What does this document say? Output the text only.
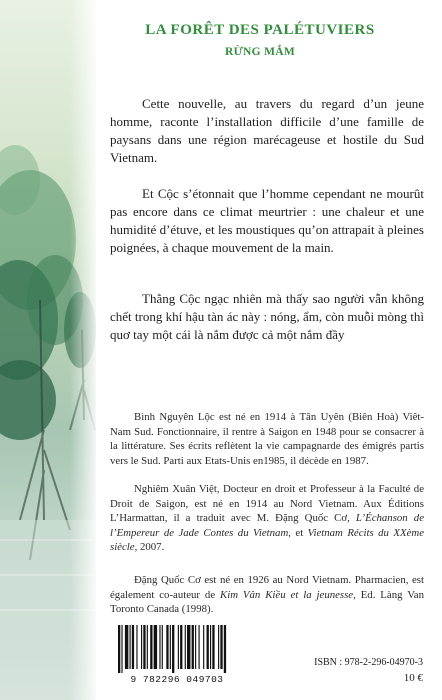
LA FORÊT DES PALÉTUVIERS
RỪNG MẮM

Cette nouvelle, au travers du regard d’un jeune homme, raconte l’installation difficile d’une famille de paysans dans une région marécageuse et hostile du Sud Vietnam.

Et Cộc s’étonnait que l’homme cependant ne mourût pas encore dans ce climat meurtrier : une chaleur et une humidité d’étuve, et les moustiques qu’on attrapait à pleines poignées, à chaque mouvement de la main.

Thằng Cộc ngạc nhiên mà thấy sao người vẫn không chết trong khí hậu tàn ác này : nóng, ẩm, còn muỗi mòng thì quơ tay một cái là nắm được cả một nắm đầy

Bình Nguyên Lộc est né en 1914 à Tân Uyên (Biên Hoà) Viêt-Nam Sud. Fonctionnaire, il rentre à Saigon en 1948 pour se consacrer à la littérature. Ses écrits reflètent la vie campagnarde des émigrés partis vers le Sud. Parti aux Etats-Unis en1985, il décède en 1987.

Nghiêm Xuân Việt, Docteur en droit et Professeur à la Faculté de Droit de Saigon, est né en 1914 au Nord Vietnam. Aux Éditions L’Harmattan, il a traduit avec M. Đặng Quốc Cơ, L’Échanson de l’Empereur de Jade Contes du Vietnam, et Vietnam Récits du XXème siècle, 2007.

Đặng Quốc Cơ est né en 1926 au Nord Vietnam. Pharmacien, est également co-auteur de Kim Vân Kiều et la jeunesse, Ed. Làng Van Toronto Canada (1998).

9 782296 049703

ISBN : 978-2-296-04970-3

10 €
